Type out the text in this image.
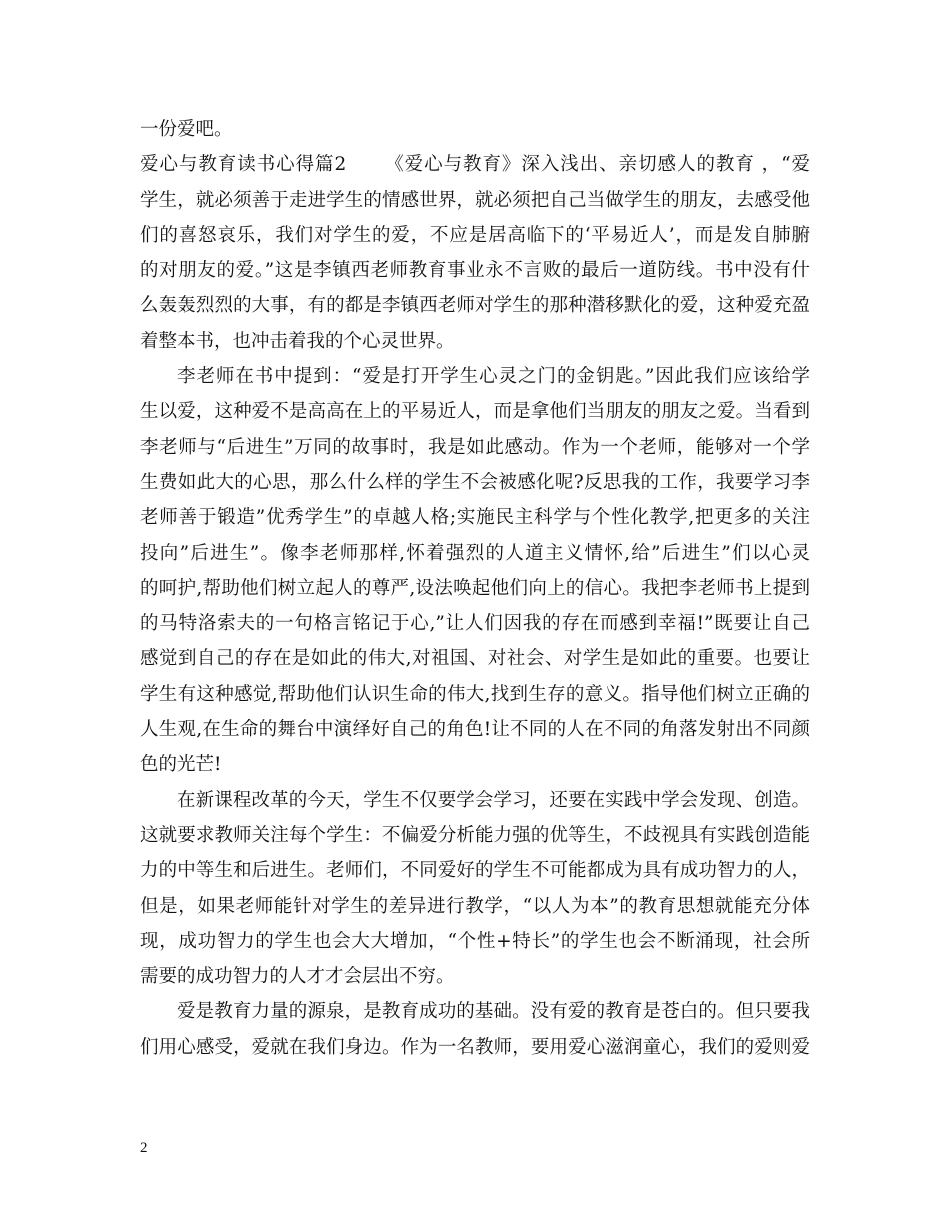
一份爱吧。
爱心与教育读书心得篇2 《爱心与教育》深入浅出、亲切感人的教育 ，“爱
学生，就必须善于走进学生的情感世界，就必须把自己当做学生的朋友，去感受他
们的喜怒哀乐，我们对学生的爱，不应是居高临下的‘平易近人’，而是发自肺腑
的对朋友的爱。”这是李镇西老师教育事业永不言败的最后一道防线。书中没有什
么轰轰烈烈的大事，有的都是李镇西老师对学生的那种潜移默化的爱，这种爱充盈
着整本书，也冲击着我的个心灵世界。
李老师在书中提到：“爱是打开学生心灵之门的金钥匙。”因此我们应该给学
生以爱，这种爱不是高高在上的平易近人，而是拿他们当朋友的朋友之爱。当看到
李老师与“后进生”万同的故事时，我是如此感动。作为一个老师，能够对一个学
生费如此大的心思，那么什么样的学生不会被感化呢?反思我的工作，我要学习李
老师善于锻造”优秀学生”的卓越人格;实施民主科学与个性化教学,把更多的关注
投向”后进生”。像李老师那样,怀着强烈的人道主义情怀,给”后进生”们以心灵
的呵护,帮助他们树立起人的尊严,设法唤起他们向上的信心。我把李老师书上提到
的马特洛索夫的一句格言铭记于心,”让人们因我的存在而感到幸福!”既要让自己
感觉到自己的存在是如此的伟大,对祖国、对社会、对学生是如此的重要。也要让
学生有这种感觉,帮助他们认识生命的伟大,找到生存的意义。指导他们树立正确的
人生观,在生命的舞台中演绎好自己的角色!让不同的人在不同的角落发射出不同颜
色的光芒!
在新课程改革的今天，学生不仅要学会学习，还要在实践中学会发现、创造。
这就要求教师关注每个学生：不偏爱分析能力强的优等生，不歧视具有实践创造能
力的中等生和后进生。老师们，不同爱好的学生不可能都成为具有成功智力的人，
但是，如果老师能针对学生的差异进行教学，“以人为本”的教育思想就能充分体
现，成功智力的学生也会大大增加，“个性+特长”的学生也会不断涌现，社会所
需要的成功智力的人才才会层出不穷。
爱是教育力量的源泉，是教育成功的基础。没有爱的教育是苍白的。但只要我
们用心感受，爱就在我们身边。作为一名教师，要用爱心滋润童心，我们的爱则爱
2
